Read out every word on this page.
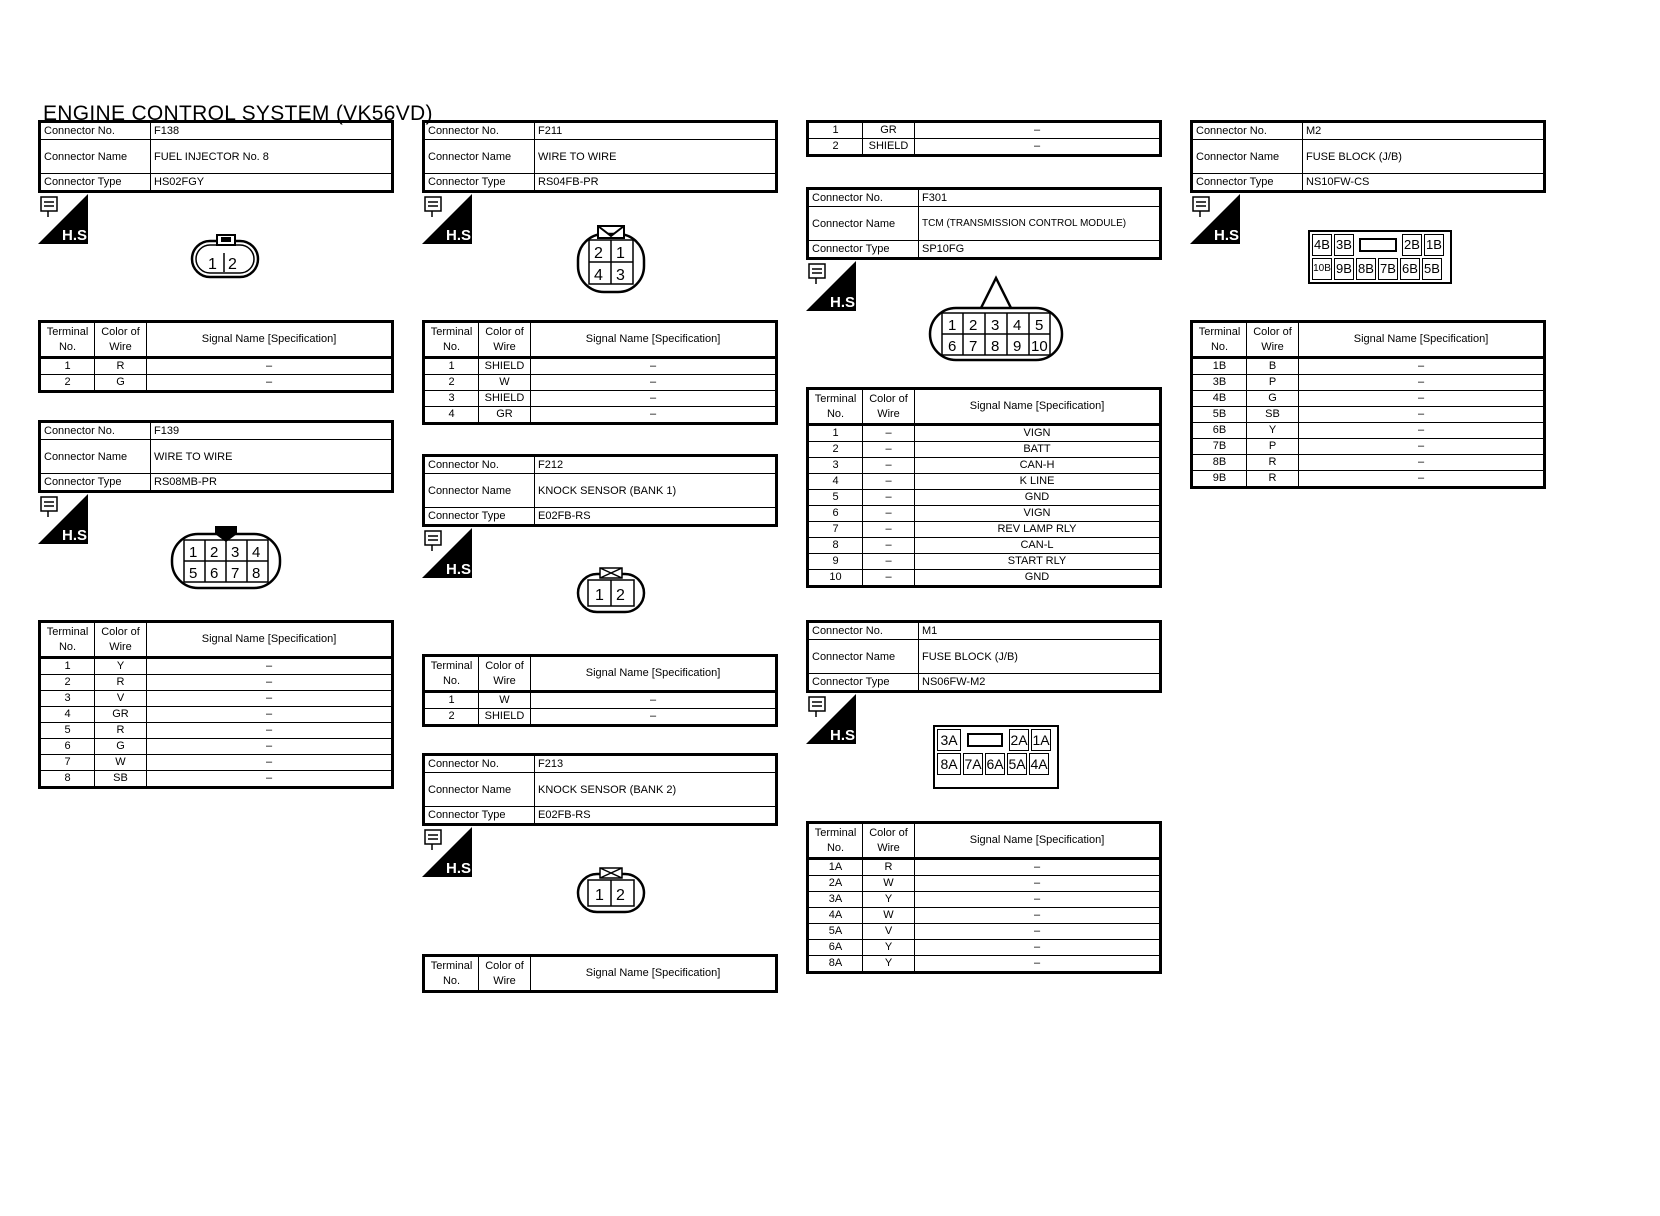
ENGINE CONTROL SYSTEM (VK56VD)
Connector No.	F138
Connector Name	FUEL INJECTOR No. 8
Connector Type	HS02FGY
H.S.
1 2
Terminal No.	Color of Wire	Signal Name [Specification]
1	R	–
2	G	–
Connector No.	F139
Connector Name	WIRE TO WIRE
Connector Type	RS08MB-PR
H.S.
1 2 3 4
5 6 7 8
Terminal No.	Color of Wire	Signal Name [Specification]
1	Y	–
2	R	–
3	V	–
4	GR	–
5	R	–
6	G	–
7	W	–
8	SB	–
Connector No.	F211
Connector Name	WIRE TO WIRE
Connector Type	RS04FB-PR
H.S.
2 1
4 3
Terminal No.	Color of Wire	Signal Name [Specification]
1	SHIELD	–
2	W	–
3	SHIELD	–
4	GR	–
Connector No.	F212
Connector Name	KNOCK SENSOR (BANK 1)
Connector Type	E02FB-RS
H.S.
1 2
Terminal No.	Color of Wire	Signal Name [Specification]
1	W	–
2	SHIELD	–
Connector No.	F213
Connector Name	KNOCK SENSOR (BANK 2)
Connector Type	E02FB-RS
H.S.
1 2
Terminal No.	Color of Wire	Signal Name [Specification]
1	GR	–
2	SHIELD	–
Connector No.	F301
Connector Name	TCM (TRANSMISSION CONTROL MODULE)
Connector Type	SP10FG
H.S.
1 2 3 4 5
6 7 8 9 10
Terminal No.	Color of Wire	Signal Name [Specification]
1	–	VIGN
2	–	BATT
3	–	CAN-H
4	–	K LINE
5	–	GND
6	–	VIGN
7	–	REV LAMP RLY
8	–	CAN-L
9	–	START RLY
10	–	GND
Connector No.	M1
Connector Name	FUSE BLOCK (J/B)
Connector Type	NS06FW-M2
H.S.	3A	2A 1A
8A 7A 6A 5A 4A
Terminal No.	Color of Wire	Signal Name [Specification]
1A	R	–
2A	W	–
3A	Y	–
4A	W	–
5A	V	–
6A	Y	–
8A	Y	–
Connector No.	M2
Connector Name	FUSE BLOCK (J/B)
Connector Type	NS10FW-CS
H.S.
4B 3B	2B 1B
10B 9B 8B 7B 6B 5B
Terminal No.	Color of Wire	Signal Name [Specification]
1B	B	–
3B	P	–
4B	G	–
5B	SB	–
6B	Y	–
7B	P	–
8B	R	–
9B	R	–
